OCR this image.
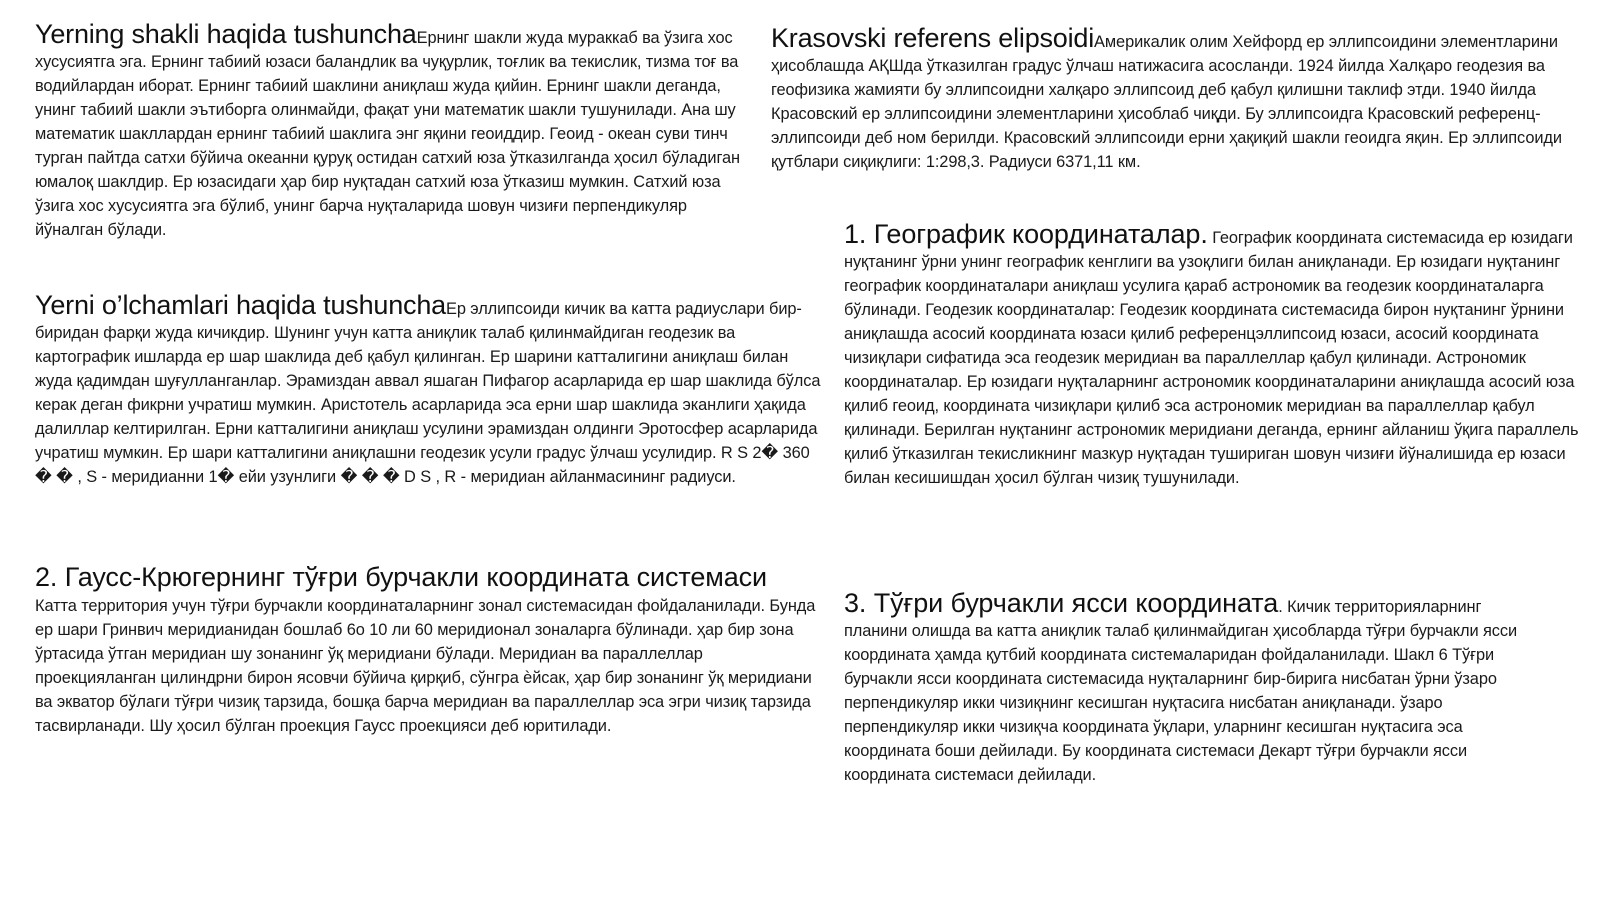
Yerning shakli haqida tushunchaЕрнинг шакли жуда мураккаб ва ўзига хос хусусиятга эга. Ернинг табиий юзаси баландлик ва чуқурлик, тоғлик ва текислик, тизма тоғ ва водийлардан иборат. Ернинг табиий шаклини аниқлаш жуда қийин. Ернинг шакли деганда, унинг табиий шакли эътиборга олинмайди, фақат уни математик шакли тушунилади. Ана шу математик шакллардан ернинг табиий шаклига энг яқини геоиддир. Геоид - океан суви тинч турган пайтда сатхи бўйича океанни қуруқ остидан сатхий юза ўтказилганда ҳосил бўладиган юмалоқ шаклдир. Ер юзасидаги ҳар бир нуқтадан сатхий юза ўтказиш мумкин. Сатхий юза ўзига хос хусусиятга эга бўлиб, унинг барча нуқталарида шовун чизиғи перпендикуляр йўналган бўлади.
Yerni o’lchamlari haqida tushunchaЕр эллипсоиди кичик ва катта радиуслари бир-биридан фарқи жуда кичикдир. Шунинг учун катта аниқлик талаб қилинмайдиган геодезик ва картографик ишларда ер шар шаклида деб қабул қилинган. Ер шарини катталигини аниқлаш билан жуда қадимдан шуғулланганлар. Эрамиздан аввал яшаган Пифагор асарларида ер шар шаклида бўлса керак деган фикрни учратиш мумкин. Аристотель асарларида эса ерни шар шаклида эканлиги ҳақида далиллар келтирилган. Ерни катталигини аниқлаш усулини эрамиздан олдинги Эротосфер асарларида учратиш мумкин. Ер шари катталигини аниқлашни геодезик усули градус ўлчаш усулидир. R S 2� 360 � � , S - меридианни 1� ейи узунлиги � � � D S , R - меридиан айланмасининг радиуси.
2. Гаусс-Крюгернинг тўғри бурчакли координата системаси
Катта территория учун тўғри бурчакли координаталарнинг зонал системасидан фойдаланилади. Бунда ер шари Гринвич меридианидан бошлаб 6о 10 ли 60 меридионал зоналарга бўлинади. ҳар бир зона ўртасида ўтган меридиан шу зонанинг ўқ меридиани бўлади. Меридиан ва параллеллар проекцияланган цилиндрни бирон ясовчи бўйича қирқиб, сўнгра ѐйсак, ҳар бир зонанинг ўқ меридиани ва экватор бўлаги тўғри чизиқ тарзида, бошқа барча меридиан ва параллеллар эса эгри чизиқ тарзида тасвирланади. Шу ҳосил бўлган проекция Гаусс проекцияси деб юритилади.
Krasovski referens elipsoidiАмерикалик олим Хейфорд ер эллипсоидини элементларини ҳисоблашда АҚШда ўтказилган градус ўлчаш натижасига асосланди. 1924 йилда Халқаро геодезия ва геофизика жамияти бу эллипсоидни халқаро эллипсоид деб қабул қилишни таклиф этди. 1940 йилда Красовский ер эллипсоидини элементларини ҳисоблаб чиқди. Бу эллипсоидга Красовский референц-эллипсоиди деб ном берилди. Красовский эллипсоиди ерни ҳақиқий шакли геоидга яқин. Ер эллипсоиди қутблари сиқиқлиги: 1:298,3. Радиуси 6371,11 км.
1. Географик координаталар. Географик координата системасида ер юзидаги нуқтанинг ўрни унинг географик кенглиги ва узоқлиги билан аниқланади. Ер юзидаги нуқтанинг географик координаталари аниқлаш усулига қараб астрономик ва геодезик координаталарга бўлинади. Геодезик координаталар: Геодезик координата системасида бирон нуқтанинг ўрнини аниқлашда асосий координата юзаси қилиб референцэллипсоид юзаси, асосий координата чизиқлари сифатида эса геодезик меридиан ва параллеллар қабул қилинади. Астрономик координаталар. Ер юзидаги нуқталарнинг астрономик координаталарини аниқлашда асосий юза қилиб геоид, координата чизиқлари қилиб эса астрономик меридиан ва параллеллар қабул қилинади. Берилган нуқтанинг астрономик меридиани деганда, ернинг айланиш ўқига параллель қилиб ўтказилган текисликнинг мазкур нуқтадан тушириган шовун чизиғи йўналишида ер юзаси билан кесишишдан ҳосил бўлган чизиқ тушунилади.
3. Тўғри бурчакли ясси координата. Кичик территорияларнинг планини олишда ва катта аниқлик талаб қилинмайдиган ҳисобларда тўғри бурчакли ясси координата ҳамда қутбий координата системаларидан фойдаланилади. Шакл 6 Тўғри бурчакли ясси координата системасида нуқталарнинг бир-бирига нисбатан ўрни ўзаро перпендикуляр икки чизиқнинг кесишган нуқтасига нисбатан аниқланади. ўзаро перпендикуляр икки чизиқча координата ўқлари, уларнинг кесишган нуқтасига эса координата боши дейилади. Бу координата системаси Декарт тўғри бурчакли ясси координата системаси дейилади.
